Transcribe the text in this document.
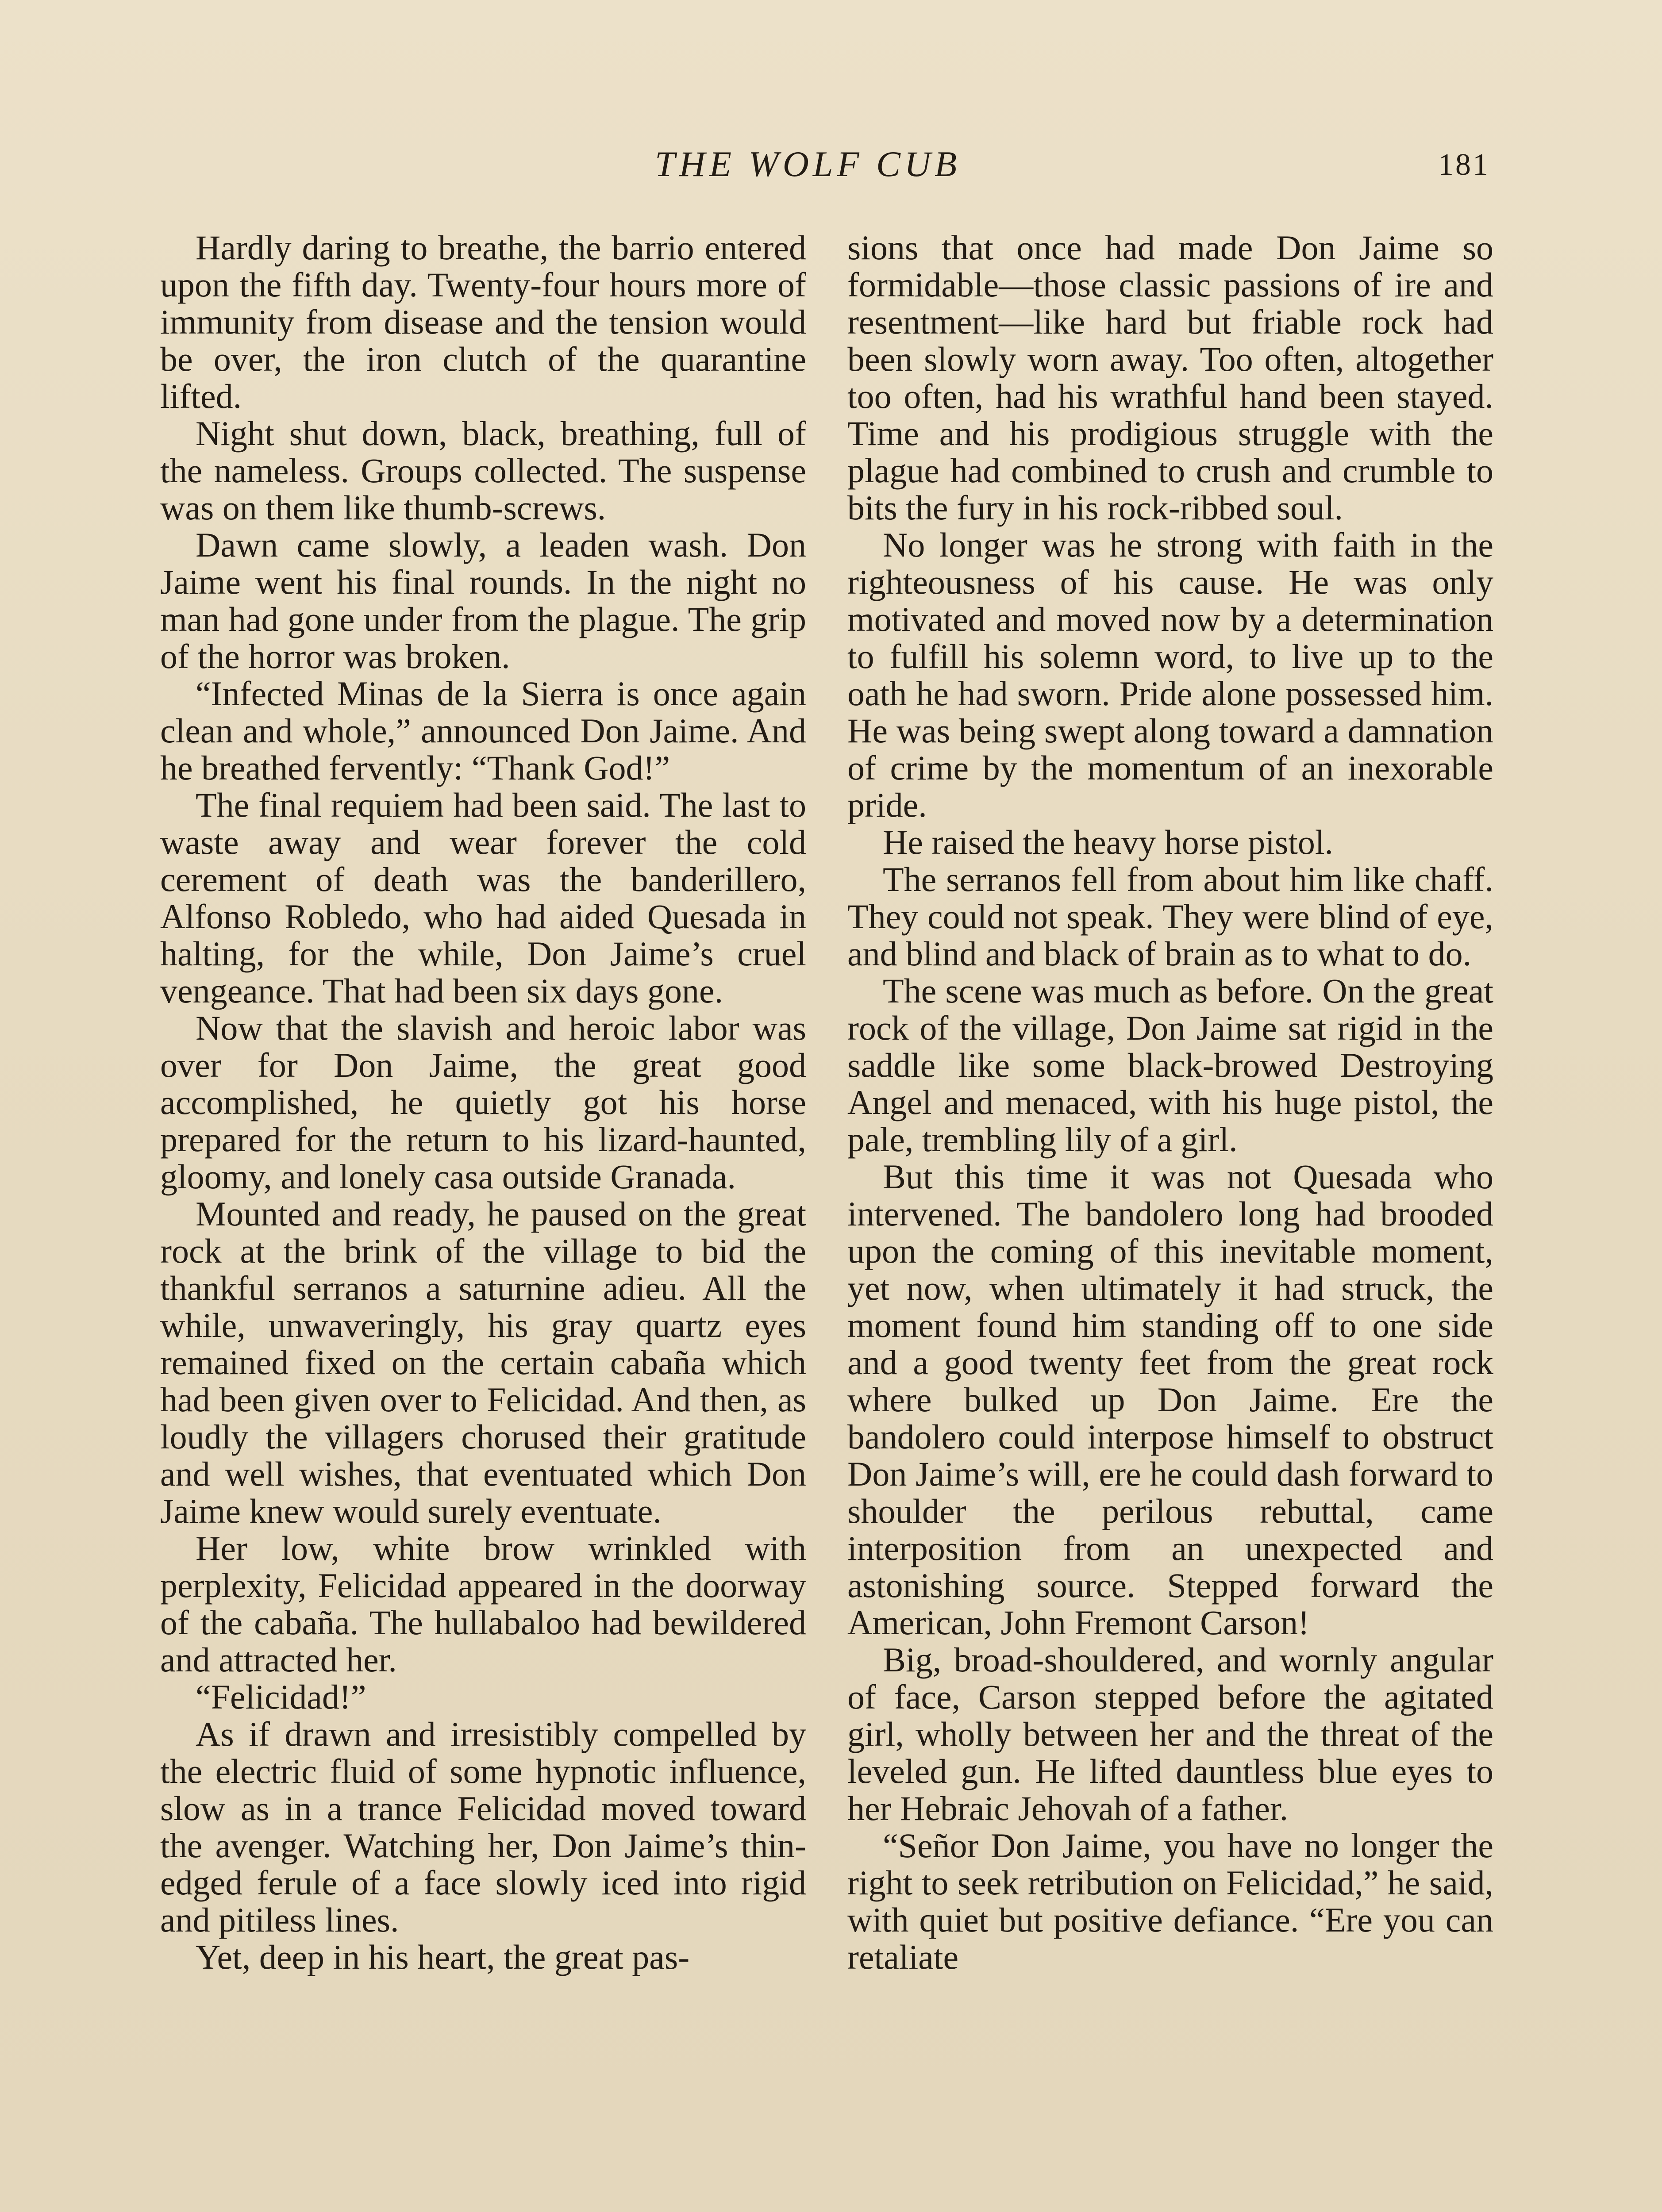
THE WOLF CUB	181

Hardly daring to breathe, the barrio entered upon the fifth day. Twenty-four hours more of immunity from disease and the tension would be over, the iron clutch of the quarantine lifted.

Night shut down, black, breathing, full of the nameless. Groups collected. The suspense was on them like thumb-screws.

Dawn came slowly, a leaden wash. Don Jaime went his final rounds. In the night no man had gone under from the plague. The grip of the horror was broken.

“Infected Minas de la Sierra is once again clean and whole,” announced Don Jaime. And he breathed fervently: “Thank God!”

The final requiem had been said. The last to waste away and wear forever the cold cerement of death was the banderillero, Alfonso Robledo, who had aided Quesada in halting, for the while, Don Jaime’s cruel vengeance. That had been six days gone.

Now that the slavish and heroic labor was over for Don Jaime, the great good accomplished, he quietly got his horse prepared for the return to his lizard-haunted, gloomy, and lonely casa outside Granada.

Mounted and ready, he paused on the great rock at the brink of the village to bid the thankful serranos a saturnine adieu. All the while, unwaveringly, his gray quartz eyes remained fixed on the certain cabaña which had been given over to Felicidad. And then, as loudly the villagers chorused their gratitude and well wishes, that eventuated which Don Jaime knew would surely eventuate.

Her low, white brow wrinkled with perplexity, Felicidad appeared in the doorway of the cabaña. The hullabaloo had bewildered and attracted her.

“Felicidad!”

As if drawn and irresistibly compelled by the electric fluid of some hypnotic influence, slow as in a trance Felicidad moved toward the avenger. Watching her, Don Jaime’s thin-edged ferule of a face slowly iced into rigid and pitiless lines.

Yet, deep in his heart, the great pas-

sions that once had made Don Jaime so formidable—those classic passions of ire and resentment—like hard but friable rock had been slowly worn away. Too often, altogether too often, had his wrathful hand been stayed. Time and his prodigious struggle with the plague had combined to crush and crumble to bits the fury in his rock-ribbed soul.

No longer was he strong with faith in the righteousness of his cause. He was only motivated and moved now by a determination to fulfill his solemn word, to live up to the oath he had sworn. Pride alone possessed him. He was being swept along toward a damnation of crime by the momentum of an inexorable pride.

He raised the heavy horse pistol.

The serranos fell from about him like chaff. They could not speak. They were blind of eye, and blind and black of brain as to what to do.

The scene was much as before. On the great rock of the village, Don Jaime sat rigid in the saddle like some black-browed Destroying Angel and menaced, with his huge pistol, the pale, trembling lily of a girl.

But this time it was not Quesada who intervened. The bandolero long had brooded upon the coming of this inevitable moment, yet now, when ultimately it had struck, the moment found him standing off to one side and a good twenty feet from the great rock where bulked up Don Jaime. Ere the bandolero could interpose himself to obstruct Don Jaime’s will, ere he could dash forward to shoulder the perilous rebuttal, came interposition from an unexpected and astonishing source. Stepped forward the American, John Fremont Carson!

Big, broad-shouldered, and wornly angular of face, Carson stepped before the agitated girl, wholly between her and the threat of the leveled gun. He lifted dauntless blue eyes to her Hebraic Jehovah of a father.

“Señor Don Jaime, you have no longer the right to seek retribution on Felicidad,” he said, with quiet but positive defiance. “Ere you can retaliate
